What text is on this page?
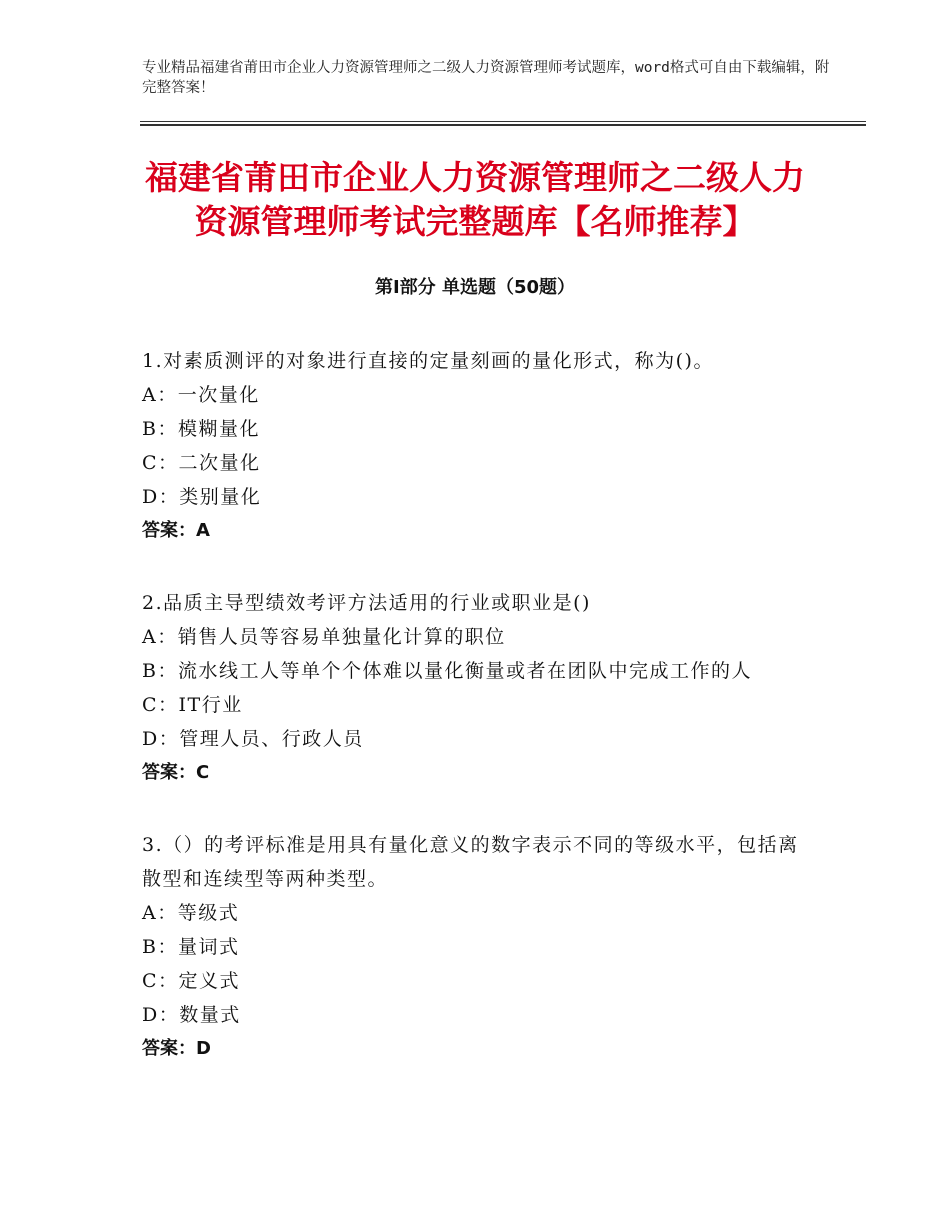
专业精品福建省莆田市企业人力资源管理师之二级人力资源管理师考试题库，word格式可自由下载编辑，附完整答案！
福建省莆田市企业人力资源管理师之二级人力资源管理师考试完整题库【名师推荐】
第Ⅰ部分 单选题（50题）
1.对素质测评的对象进行直接的定量刻画的量化形式，称为()。
A：一次量化
B：模糊量化
C：二次量化
D：类别量化
答案：A
2.品质主导型绩效考评方法适用的行业或职业是()
A：销售人员等容易单独量化计算的职位
B：流水线工人等单个个体难以量化衡量或者在团队中完成工作的人
C：IT行业
D：管理人员、行政人员
答案：C
3.（）的考评标准是用具有量化意义的数字表示不同的等级水平，包括离散型和连续型等两种类型。
A：等级式
B：量词式
C：定义式
D：数量式
答案：D
